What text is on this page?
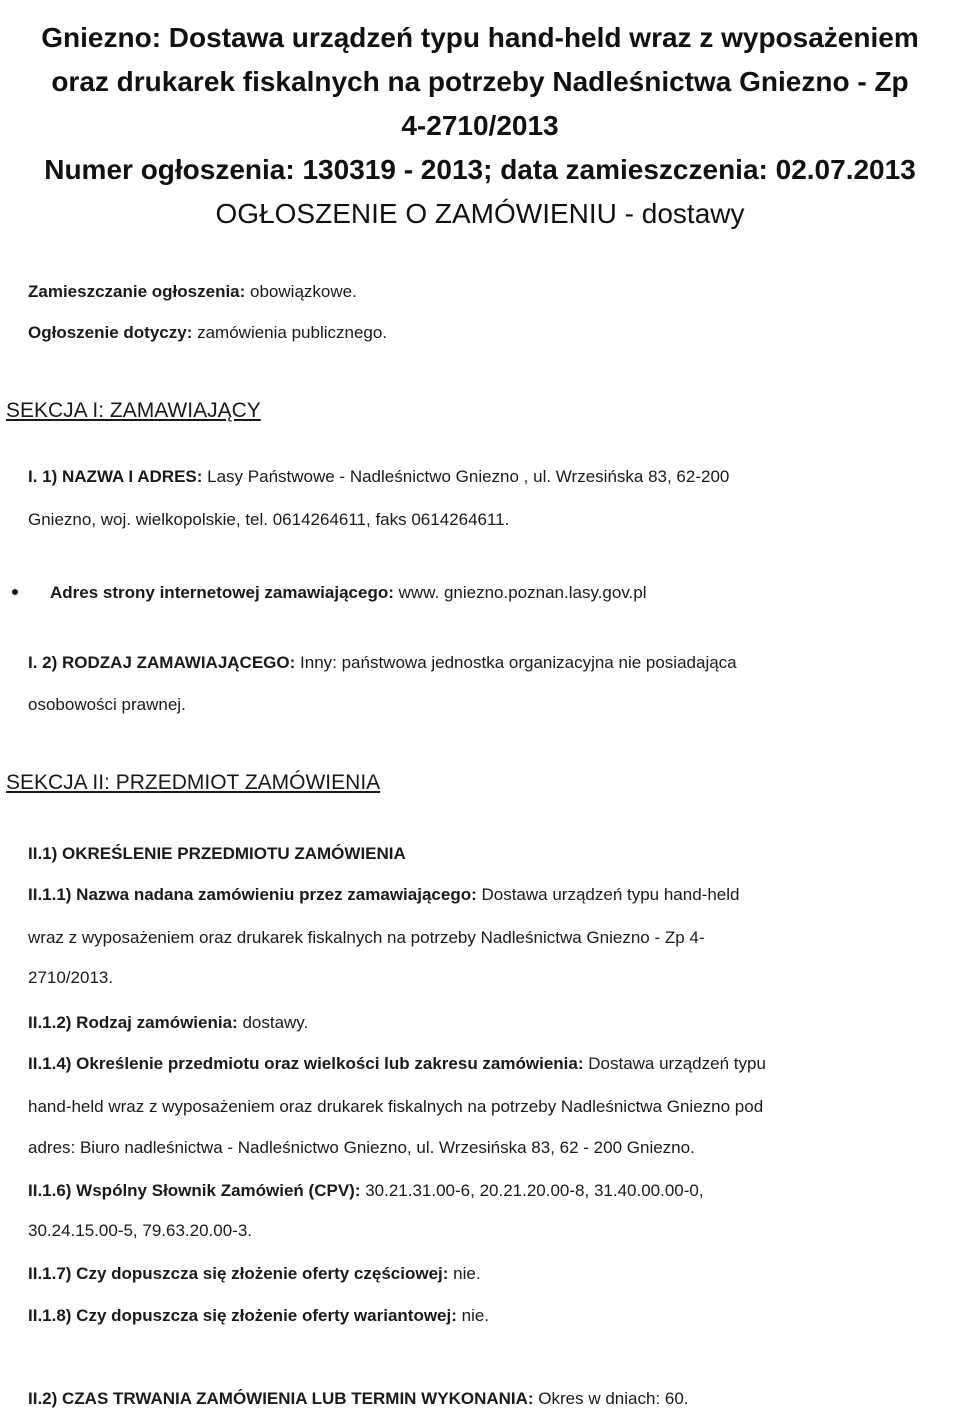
Gniezno: Dostawa urządzeń typu hand-held wraz z wyposażeniem
oraz drukarek fiskalnych na potrzeby Nadleśnictwa Gniezno - Zp
4-2710/2013
Numer ogłoszenia: 130319 - 2013; data zamieszczenia: 02.07.2013
OGŁOSZENIE O ZAMÓWIENIU - dostawy
Zamieszczanie ogłoszenia: obowiązkowe.
Ogłoszenie dotyczy: zamówienia publicznego.
SEKCJA I: ZAMAWIAJĄCY
I. 1) NAZWA I ADRES: Lasy Państwowe - Nadleśnictwo Gniezno , ul. Wrzesińska 83, 62-200
Gniezno, woj. wielkopolskie, tel. 0614264611, faks 0614264611.
Adres strony internetowej zamawiającego: www. gniezno.poznan.lasy.gov.pl
I. 2) RODZAJ ZAMAWIAJĄCEGO: Inny: państwowa jednostka organizacyjna nie posiadająca
osobowości prawnej.
SEKCJA II: PRZEDMIOT ZAMÓWIENIA
II.1) OKREŚLENIE PRZEDMIOTU ZAMÓWIENIA
II.1.1) Nazwa nadana zamówieniu przez zamawiającego: Dostawa urządzeń typu hand-held
wraz z wyposażeniem oraz drukarek fiskalnych na potrzeby Nadleśnictwa Gniezno - Zp 4-
2710/2013.
II.1.2) Rodzaj zamówienia: dostawy.
II.1.4) Określenie przedmiotu oraz wielkości lub zakresu zamówienia: Dostawa urządzeń typu
hand-held wraz z wyposażeniem oraz drukarek fiskalnych na potrzeby Nadleśnictwa Gniezno pod
adres: Biuro nadleśnictwa - Nadleśnictwo Gniezno, ul. Wrzesińska 83, 62 - 200 Gniezno.
II.1.6) Wspólny Słownik Zamówień (CPV): 30.21.31.00-6, 20.21.20.00-8, 31.40.00.00-0,
30.24.15.00-5, 79.63.20.00-3.
II.1.7) Czy dopuszcza się złożenie oferty częściowej: nie.
II.1.8) Czy dopuszcza się złożenie oferty wariantowej: nie.
II.2) CZAS TRWANIA ZAMÓWIENIA LUB TERMIN WYKONANIA: Okres w dniach: 60.
